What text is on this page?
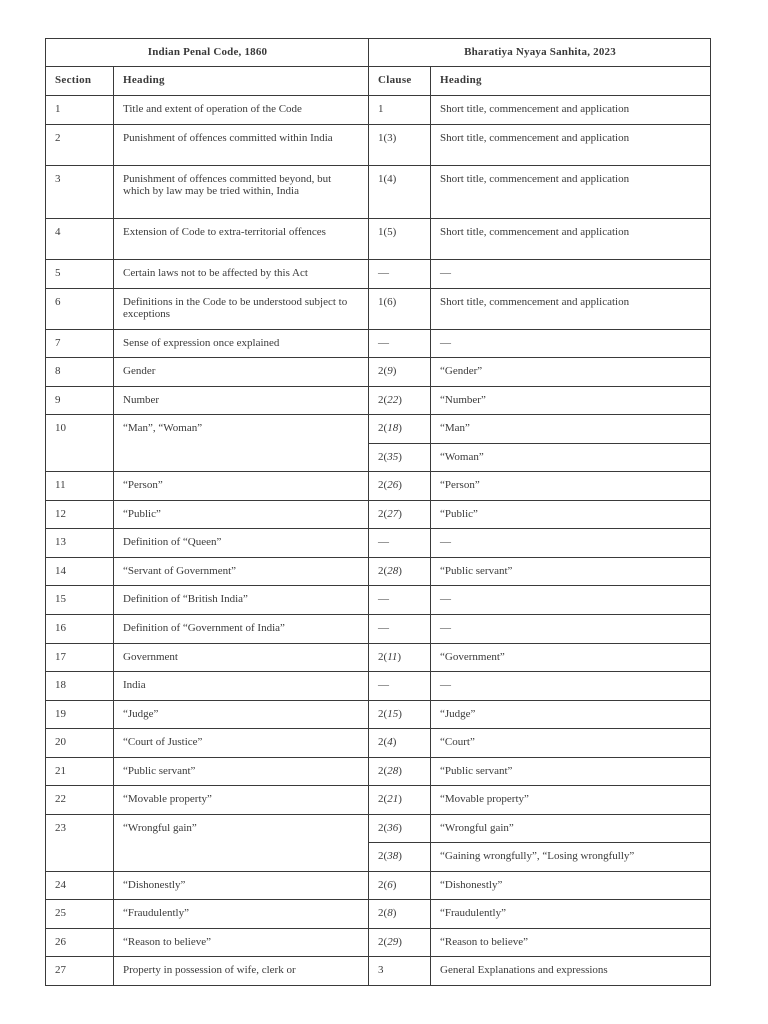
Indian Penal Code, 1860		Bharatiya Nyaya Sanhita, 2023	
Section	Heading	Clause	Heading
1	Title and extent of operation of the Code	1	Short title, commencement and application
2	Punishment of offences committed within India	1(3)	Short title, commencement and application
3	Punishment of offences committed beyond, but which by law may be tried within, India	1(4)	Short title, commencement and application
4	Extension of Code to extra-territorial offences	1(5)	Short title, commencement and application
5	Certain laws not to be affected by this Act	—	—
6	Definitions in the Code to be understood subject to exceptions	1(6)	Short title, commencement and application
7	Sense of expression once explained	—	—
8	Gender	2(9)	“Gender”
9	Number	2(22)	“Number”
10	“Man”, “Woman”	2(18)	“Man”
		2(35)	“Woman”
11	“Person”	2(26)	“Person”
12	“Public”	2(27)	“Public”
13	Definition of “Queen”	—	—
14	“Servant of Government”	2(28)	“Public servant”
15	Definition of “British India”	—	—
16	Definition of “Government of India”	—	—
17	Government	2(11)	“Government”
18	India	—	—
19	“Judge”	2(15)	“Judge”
20	“Court of Justice”	2(4)	“Court”
21	“Public servant”	2(28)	“Public servant”
22	“Movable property”	2(21)	“Movable property”
23	“Wrongful gain”	2(36)	“Wrongful gain”
		2(38)	“Gaining wrongfully”, “Losing wrongfully”
24	“Dishonestly”	2(6)	“Dishonestly”
25	“Fraudulently”	2(8)	“Fraudulently”
26	“Reason to believe”	2(29)	“Reason to believe”
27	Property in possession of wife, clerk or	3	General Explanations and expressions
